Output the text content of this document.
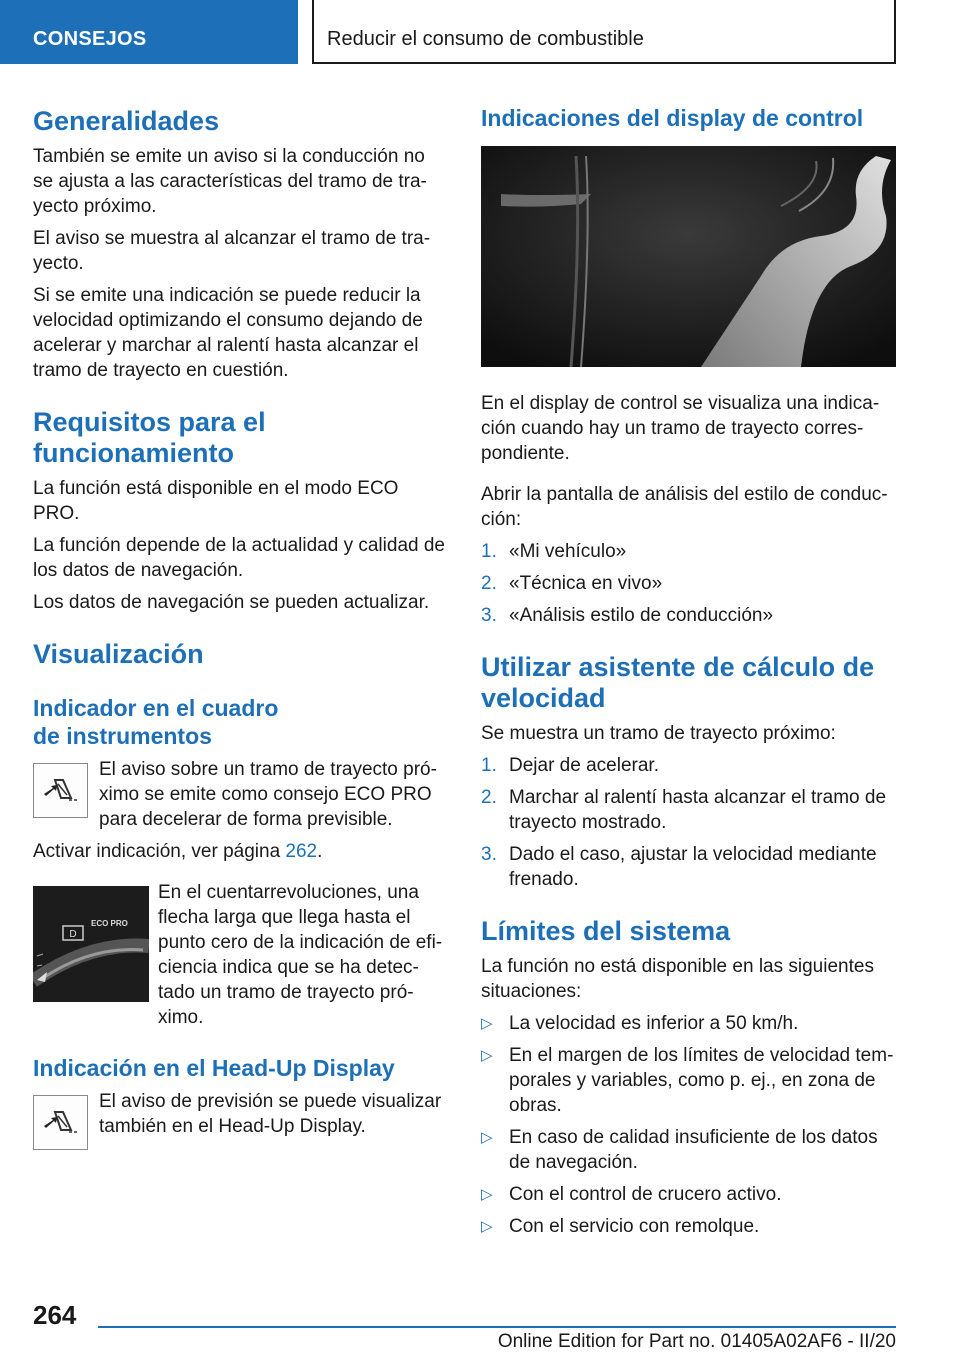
CONSEJOS	Reducir el consumo de combustible
Generalidades

También se emite un aviso si la conducción no se ajusta a las características del tramo de tra-yecto próximo.

El aviso se muestra al alcanzar el tramo de tra-yecto.

Si se emite una indicación se puede reducir la velocidad optimizando el consumo dejando de acelerar y marchar al ralentí hasta alcanzar el tramo de trayecto en cuestión.

Requisitos para el funcionamiento

La función está disponible en el modo ECO PRO.

La función depende de la actualidad y calidad de los datos de navegación.

Los datos de navegación se pueden actualizar.

Visualización
Indicador en el cuadro de instrumentos

El aviso sobre un tramo de trayecto pró-ximo se emite como consejo ECO PRO para decelerar de forma previsible.

Activar indicación, ver página 262.

D
ECO PRO

En el cuentarrevoluciones, una flecha larga que llega hasta el punto cero de la indicación de efi-ciencia indica que se ha detec-tado un tramo de trayecto pró-ximo.

Indicación en el Head-Up Display

El aviso de previsión se puede visualizar también en el Head-Up Display.

Indicaciones del display de control

En el display de control se visualiza una indica-ción cuando hay un tramo de trayecto corres-pondiente.

Abrir la pantalla de análisis del estilo de conduc-ción:

1. «Mi vehículo»
2. «Técnica en vivo»
3. «Análisis estilo de conducción»
Utilizar asistente de cálculo de velocidad

Se muestra un tramo de trayecto próximo:

1. Dejar de acelerar.
2. Marchar al ralentí hasta alcanzar el tramo de trayecto mostrado.
3. Dado el caso, ajustar la velocidad mediante frenado.
Límites del sistema

La función no está disponible en las siguientes situaciones:

▷ La velocidad es inferior a 50 km/h.
▷ En el margen de los límites de velocidad tem-porales y variables, como p. ej., en zona de obras.
▷ En caso de calidad insuficiente de los datos de navegación.
▷ Con el control de crucero activo.
▷ Con el servicio con remolque.
264
Online Edition for Part no. 01405A02AF6 - II/20
